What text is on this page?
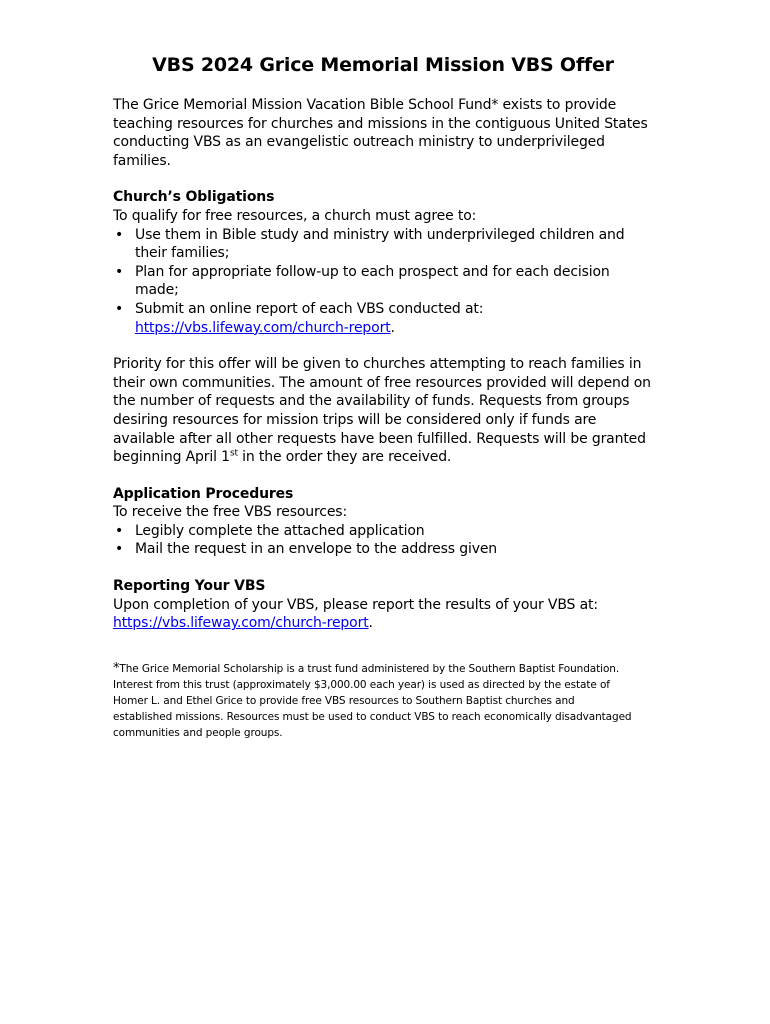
VBS 2024 Grice Memorial Mission VBS Offer

The Grice Memorial Mission Vacation Bible School Fund* exists to provide teaching resources for churches and missions in the contiguous United States conducting VBS as an evangelistic outreach ministry to underprivileged families.

Church’s Obligations

To qualify for free resources, a church must agree to:

• Use them in Bible study and ministry with underprivileged children and their families;
• Plan for appropriate follow-up to each prospect and for each decision made;
• Submit an online report of each VBS conducted at:
https://vbs.lifeway.com/church-report.

Priority for this offer will be given to churches attempting to reach families in their own communities. The amount of free resources provided will depend on the number of requests and the availability of funds. Requests from groups desiring resources for mission trips will be considered only if funds are available after all other requests have been fulfilled. Requests will be granted beginning April 1st in the order they are received.

Application Procedures

To receive the free VBS resources:

• Legibly complete the attached application
• Mail the request in an envelope to the address given

Reporting Your VBS

Upon completion of your VBS, please report the results of your VBS at:

https://vbs.lifeway.com/church-report.

*The Grice Memorial Scholarship is a trust fund administered by the Southern Baptist Foundation. Interest from this trust (approximately $3,000.00 each year) is used as directed by the estate of Homer L. and Ethel Grice to provide free VBS resources to Southern Baptist churches and established missions. Resources must be used to conduct VBS to reach economically disadvantaged communities and people groups.
